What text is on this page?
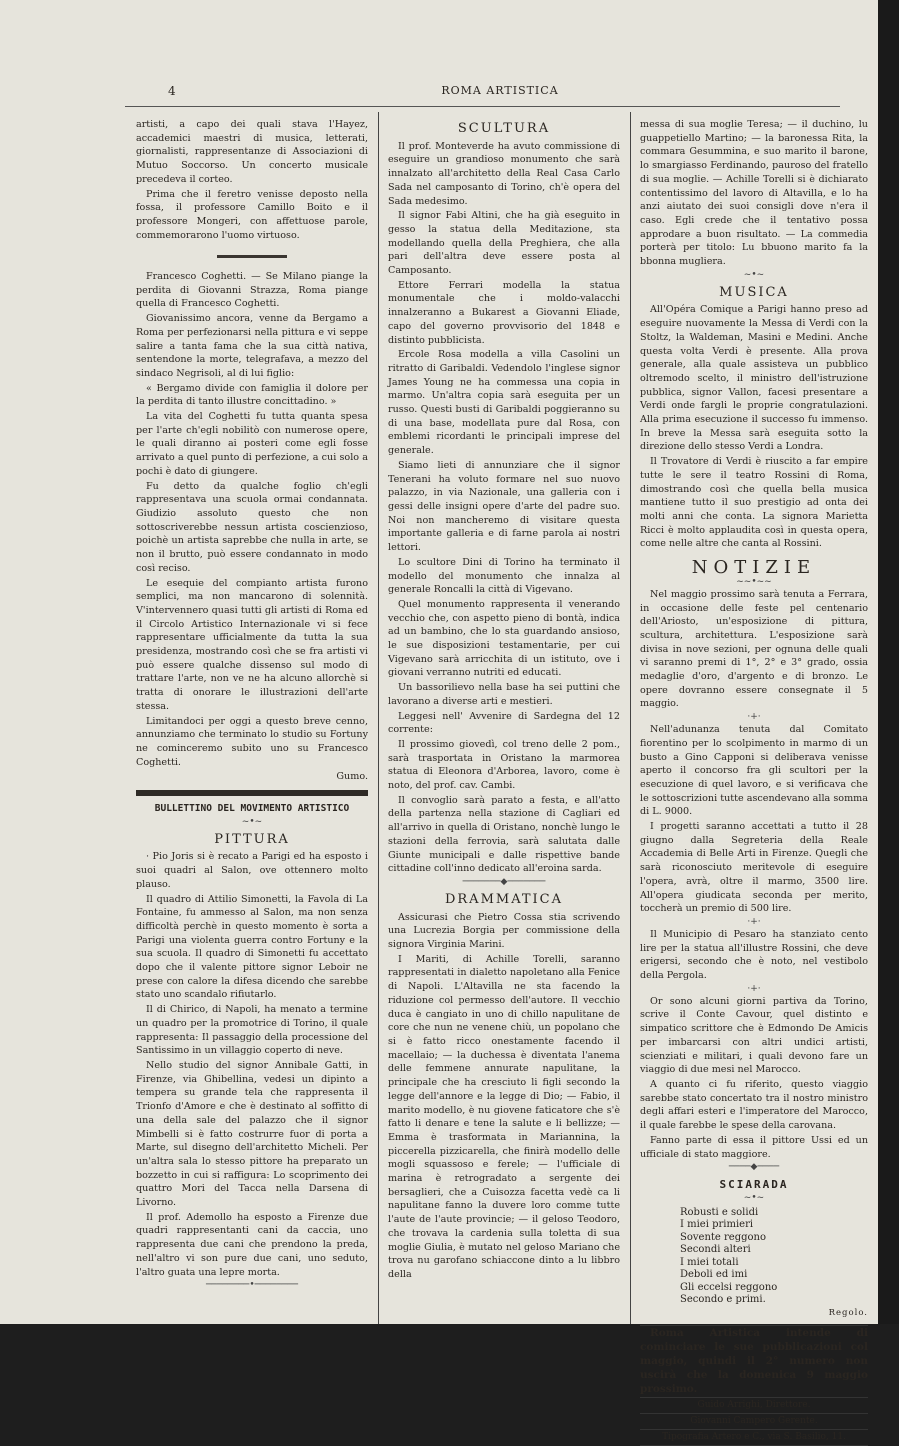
4	ROMA ARTISTICA

artisti, a capo dei quali stava l'Hayez, accademici maestri di musica, letterati, giornalisti, rappresentanze di Associazioni di Mutuo Soccorso. Un concerto musicale precedeva il corteo.

Prima che il feretro venisse deposto nella fossa, il professore Camillo Boito e il professore Mongeri, con affettuose parole, commemorarono l'uomo virtuoso.

Francesco Coghetti. — Se Milano piange la perdita di Giovanni Strazza, Roma piange quella di Francesco Coghetti.

Giovanissimo ancora, venne da Bergamo a Roma per perfezionarsi nella pittura e vi seppe salire a tanta fama che la sua città nativa, sentendone la morte, telegrafava, a mezzo del sindaco Negrisoli, al di lui figlio:

« Bergamo divide con famiglia il dolore per la perdita di tanto illustre concittadino. »

La vita del Coghetti fu tutta quanta spesa per l'arte ch'egli nobilitò con numerose opere, le quali diranno ai posteri come egli fosse arrivato a quel punto di perfezione, a cui solo a pochi è dato di giungere.

Fu detto da qualche foglio ch'egli rappresentava una scuola ormai condannata. Giudizio assoluto questo che non sottoscriverebbe nessun artista coscienzioso, poichè un artista saprebbe che nulla in arte, se non il brutto, può essere condannato in modo così reciso.

Le esequie del compianto artista furono semplici, ma non mancarono di solennità. V'intervennero quasi tutti gli artisti di Roma ed il Circolo Artistico Internazionale vi si fece rappresentare ufficialmente da tutta la sua presidenza, mostrando così che se fra artisti vi può essere qualche dissenso sul modo di trattare l'arte, non ve ne ha alcuno allorchè si tratta di onorare le illustrazioni dell'arte stessa.

Limitandoci per oggi a questo breve cenno, annunziamo che terminato lo studio su Fortuny ne cominceremo subito uno su Francesco Coghetti.

Gumo.
BULLETTINO DEL MOVIMENTO ARTISTICO
~•~
PITTURA

· Pio Joris si è recato a Parigi ed ha esposto i suoi quadri al Salon, ove ottennero molto plauso.

Il quadro di Attilio Simonetti, la Favola di La Fontaine, fu ammesso al Salon, ma non senza difficoltà perchè in questo momento è sorta a Parigi una violenta guerra contro Fortuny e la sua scuola. Il quadro di Simonetti fu accettato dopo che il valente pittore signor Leboir ne prese con calore la difesa dicendo che sarebbe stato uno scandalo rifiutarlo.

Il di Chirico, di Napoli, ha menato a termine un quadro per la promotrice di Torino, il quale rappresenta: Il passaggio della processione del Santissimo in un villaggio coperto di neve.

Nello studio del signor Annibale Gatti, in Firenze, via Ghibellina, vedesi un dipinto a tempera su grande tela che rappresenta il Trionfo d'Amore e che è destinato al soffitto di una della sale del palazzo che il signor Mimbelli si è fatto costrurre fuor di porta a Marte, sul disegno dell'architetto Micheli. Per un'altra sala lo stesso pittore ha preparato un bozzetto in cui si raffigura: Lo scoprimento dei quattro Mori del Tacca nella Darsena di Livorno.

Il prof. Ademollo ha esposto a Firenze due quadri rappresentanti cani da caccia, uno rappresenta due cani che prendono la preda, nell'altro vi son pure due cani, uno seduto, l'altro guata una lepre morta.

────────•────────
SCULTURA

Il prof. Monteverde ha avuto commissione di eseguire un grandioso monumento che sarà innalzato all'architetto della Real Casa Carlo Sada nel camposanto di Torino, ch'è opera del Sada medesimo.

Il signor Fabi Altini, che ha già eseguito in gesso la statua della Meditazione, sta modellando quella della Preghiera, che alla pari dell'altra deve essere posta al Camposanto.

Ettore Ferrari modella la statua monumentale che i moldo-valacchi innalzeranno a Bukarest a Giovanni Eliade, capo del governo provvisorio del 1848 e distinto pubblicista.

Ercole Rosa modella a villa Casolini un ritratto di Garibaldi. Vedendolo l'inglese signor James Young ne ha commessa una copia in marmo. Un'altra copia sarà eseguita per un russo. Questi busti di Garibaldi poggieranno su di una base, modellata pure dal Rosa, con emblemi ricordanti le principali imprese del generale.

Siamo lieti di annunziare che il signor Tenerani ha voluto formare nel suo nuovo palazzo, in via Nazionale, una galleria con i gessi delle insigni opere d'arte del padre suo. Noi non mancheremo di visitare questa importante galleria e di farne parola ai nostri lettori.

Lo scultore Dini di Torino ha terminato il modello del monumento che innalza al generale Roncalli la città di Vigevano.

Quel monumento rappresenta il venerando vecchio che, con aspetto pieno di bontà, indica ad un bambino, che lo sta guardando ansioso, le sue disposizioni testamentarie, per cui Vigevano sarà arricchita di un istituto, ove i giovani verranno nutriti ed educati.

Un bassorilievo nella base ha sei puttini che lavorano a diverse arti e mestieri.

Leggesi nell' Avvenire di Sardegna del 12 corrente:

Il prossimo giovedì, col treno delle 2 pom., sarà trasportata in Oristano la marmorea statua di Eleonora d'Arborea, lavoro, come è noto, del prof. cav. Cambi.

Il convoglio sarà parato a festa, e all'atto della partenza nella stazione di Cagliari ed all'arrivo in quella di Oristano, nonchè lungo le stazioni della ferrovia, sarà salutata dalle Giunte municipali e dalle rispettive bande cittadine coll'inno dedicato all'eroina sarda.

───────◆───────
DRAMMATICA

Assicurasi che Pietro Cossa stia scrivendo una Lucrezia Borgia per commissione della signora Virginia Marini.

I Mariti, di Achille Torelli, saranno rappresentati in dialetto napoletano alla Fenice di Napoli. L'Altavilla ne sta facendo la riduzione col permesso dell'autore. Il vecchio duca è cangiato in uno di chillo napulitane de core che nun ne venene chiù, un popolano che si è fatto ricco onestamente facendo il macellaio; — la duchessa è diventata l'anema delle femmene annurate napulitane, la principale che ha cresciuto li figli secondo la legge dell'annore e la legge di Dio; — Fabio, il marito modello, è nu giovene faticatore che s'è fatto li denare e tene la salute e li bellizze; — Emma è trasformata in Mariannina, la piccerella pizzicarella, che finirà modello delle mogli squassoso e ferele; — l'ufficiale di marina è retrogradato a sergente dei bersaglieri, che a Cuisozza facetta vedè ca li napulitane fanno la duvere loro comme tutte l'aute de l'aute provincie; — il geloso Teodoro, che trovava la cardenia sulla toletta di sua moglie Giulia, è mutato nel geloso Mariano che trova nu garofano schiaccone dinto a lu libbro della

messa di sua moglie Teresa; — il duchino, lu guappetiello Martino; — la baronessa Rita, la commara Gesummina, e suo marito il barone, lo smargiasso Ferdinando, pauroso del fratello di sua moglie. — Achille Torelli si è dichiarato contentissimo del lavoro di Altavilla, e lo ha anzi aiutato dei suoi consigli dove n'era il caso. Egli crede che il tentativo possa approdare a buon risultato. — La commedia porterà per titolo: Lu bbuono marito fa la bbonna mugliera.

~•~
MUSICA

All'Opéra Comique a Parigi hanno preso ad eseguire nuovamente la Messa di Verdi con la Stoltz, la Waldeman, Masini e Medini. Anche questa volta Verdi è presente. Alla prova generale, alla quale assisteva un pubblico oltremodo scelto, il ministro dell'istruzione pubblica, signor Vallon, facesi presentare a Verdi onde fargli le proprie congratulazioni. Alla prima esecuzione il successo fu immenso. In breve la Messa sarà eseguita sotto la direzione dello stesso Verdi a Londra.

Il Trovatore di Verdi è riuscito a far empire tutte le sere il teatro Rossini di Roma, dimostrando così che quella bella musica mantiene tutto il suo prestigio ad onta dei molti anni che conta. La signora Marietta Ricci è molto applaudita così in questa opera, come nelle altre che canta al Rossini.

NOTIZIE
~~•~~

Nel maggio prossimo sarà tenuta a Ferrara, in occasione delle feste pel centenario dell'Ariosto, un'esposizione di pittura, scultura, architettura. L'esposizione sarà divisa in nove sezioni, per ognuna delle quali vi saranno premi di 1°, 2° e 3° grado, ossia medaglie d'oro, d'argento e di bronzo. Le opere dovranno essere consegnate il 5 maggio.

·+·

Nell'adunanza tenuta dal Comitato fiorentino per lo scolpimento in marmo di un busto a Gino Capponi si deliberava venisse aperto il concorso fra gli scultori per la esecuzione di quel lavoro, e si verificava che le sottoscrizioni tutte ascendevano alla somma di L. 9000.

I progetti saranno accettati a tutto il 28 giugno dalla Segreteria della Reale Accademia di Belle Arti in Firenze. Quegli che sarà riconosciuto meritevole di eseguire l'opera, avrà, oltre il marmo, 3500 lire. All'opera giudicata seconda per merito, toccherà un premio di 500 lire.

·+·

Il Municipio di Pesaro ha stanziato cento lire per la statua all'illustre Rossini, che deve erigersi, secondo che è noto, nel vestibolo della Pergola.

·+·

Or sono alcuni giorni partiva da Torino, scrive il Conte Cavour, quel distinto e simpatico scrittore che è Edmondo De Amicis per imbarcarsi con altri undici artisti, scienziati e militari, i quali devono fare un viaggio di due mesi nel Marocco.

A quanto ci fu riferito, questo viaggio sarebbe stato concertato tra il nostro ministro degli affari esteri e l'imperatore del Marocco, il quale farebbe le spese della carovana.

Fanno parte di essa il pittore Ussi ed un ufficiale di stato maggiore.

────◆────
SCIARADA
~•~
Robusti e solidi
I miei primieri
Sovente reggono
Secondi alteri
I miei totali
Deboli ed imi
Gli eccelsi reggono
Secondo e primi.
Regolo.

Roma Artistica intende di cominciare le sue pubblicazioni col maggio, quindi il 2° numero non uscirà che la domenica 9 maggio prossimo.

Guido Arrighi, Direttore.
Giovanni Campero Gerente.
Tipografia Artero e C., via S. Basilio, 11.
